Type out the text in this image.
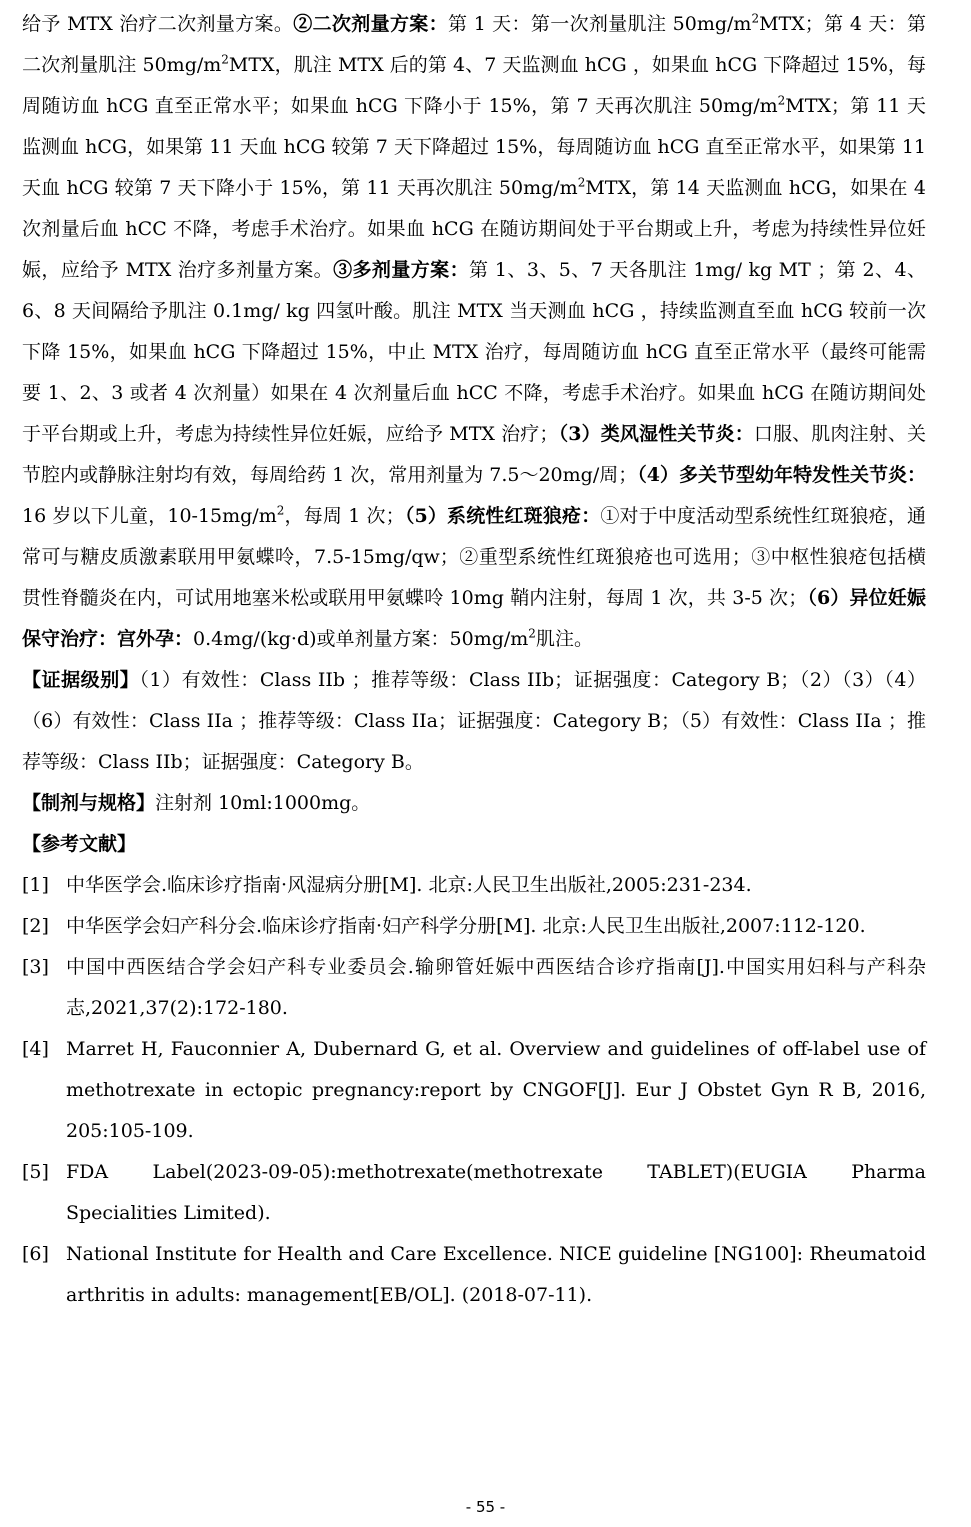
给予 MTX 治疗二次剂量方案。②二次剂量方案：第 1 天：第一次剂量肌注 $50mg/m^2MTX$；第 4 天：第二次剂量肌注 $50mg/m^2MTX$，肌注 MTX 后的第 4、7 天监测血 hCG ，如果血 hCG 下降超过 15%，每周随访血 hCG 直至正常水平；如果血 hCG 下降小于 15%，第 7 天再次肌注 $50mg/m^2MTX$；第 11 天监测血 hCG，如果第 11 天血 hCG 较第 7 天下降超过 15%，每周随访血 hCG 直至正常水平，如果第 11 天血 hCG 较第 7 天下降小于 15%，第 11 天再次肌注 $50mg/m^2MTX$，第 14 天监测血 hCG，如果在 4 次剂量后血 hCC 不降，考虑手术治疗。如果血 hCG 在随访期间处于平台期或上升，考虑为持续性异位妊娠，应给予 MTX 治疗多剂量方案。③多剂量方案：第 1、3、5、7 天各肌注 1mg/ kg MT ；第 2、4、6、8 天间隔给予肌注 0.1mg/ kg 四氢叶酸。肌注 MTX 当天测血 hCG ，持续监测直至血 hCG 较前一次下降 15%，如果血 hCG 下降超过 15%，中止 MTX 治疗，每周随访血 hCG 直至正常水平（最终可能需要 1、2、3 或者 4 次剂量）如果在 4 次剂量后血 hCC 不降，考虑手术治疗。如果血 hCG 在随访期间处于平台期或上升，考虑为持续性异位妊娠，应给予 MTX 治疗；（3）类风湿性关节炎：口服、肌肉注射、关节腔内或静脉注射均有效，每周给药 1 次，常用剂量为 7.5～20mg/周；（4）多关节型幼年特发性关节炎：16 岁以下儿童，$10-15mg/m^2$，每周 1 次；（5）系统性红斑狼疮：①对于中度活动型系统性红斑狼疮，通常可与糖皮质激素联用甲氨蝶呤，7.5-15mg/qw；②重型系统性红斑狼疮也可选用；③中枢性狼疮包括横贯性脊髓炎在内，可试用地塞米松或联用甲氨蝶呤 10mg 鞘内注射，每周 1 次，共 3-5 次；（6）异位妊娠保守治疗：宫外孕：0.4mg/(kg·d)或单剂量方案：$50mg/m^2$肌注。

【证据级别】（1）有效性：Class IIb ；推荐等级：Class IIb；证据强度：Category B；（2）（3）（4）（6）有效性：Class IIa ；推荐等级：Class IIa；证据强度：Category B；（5）有效性：Class IIa ；推荐等级：Class IIb；证据强度：Category B。

【制剂与规格】注射剂 10ml:1000mg。

【参考文献】

[1] 中华医学会.临床诊疗指南·风湿病分册[M]. 北京:人民卫生出版社,2005:231-234.
[2] 中华医学会妇产科分会.临床诊疗指南·妇产科学分册[M]. 北京:人民卫生出版社,2007:112-120.
[3] 中国中西医结合学会妇产科专业委员会.输卵管妊娠中西医结合诊疗指南[J].中国实用妇科与产科杂志,2021,37(2):172-180.
[4] Marret H, Fauconnier A, Dubernard G, et al. Overview and guidelines of off-label use of methotrexate in ectopic pregnancy:report by CNGOF[J]. Eur J Obstet Gyn R B, 2016, 205:105-109.
[5] FDA Label(2023-09-05):methotrexate(methotrexate TABLET)(EUGIA Pharma Specialities Limited).
[6] National Institute for Health and Care Excellence. NICE guideline [NG100]: Rheumatoid arthritis in adults: management[EB/OL]. (2018-07-11).
- 55 -
